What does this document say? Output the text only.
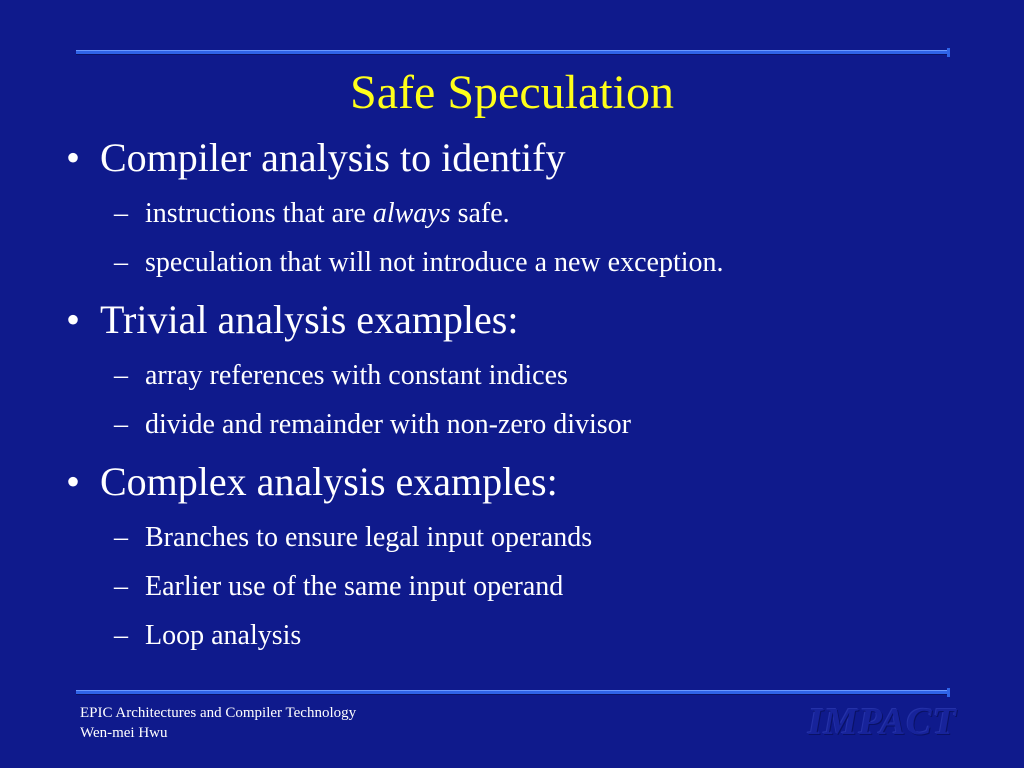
Safe Speculation
• Compiler analysis to identify
– instructions that are always safe.
– speculation that will not introduce a new exception.
• Trivial analysis examples:
– array references with constant indices
– divide and remainder with non-zero divisor
• Complex analysis examples:
– Branches to ensure legal input operands
– Earlier use of the same input operand
– Loop analysis
EPIC Architectures and Compiler Technology
Wen-mei Hwu	IMPACT
